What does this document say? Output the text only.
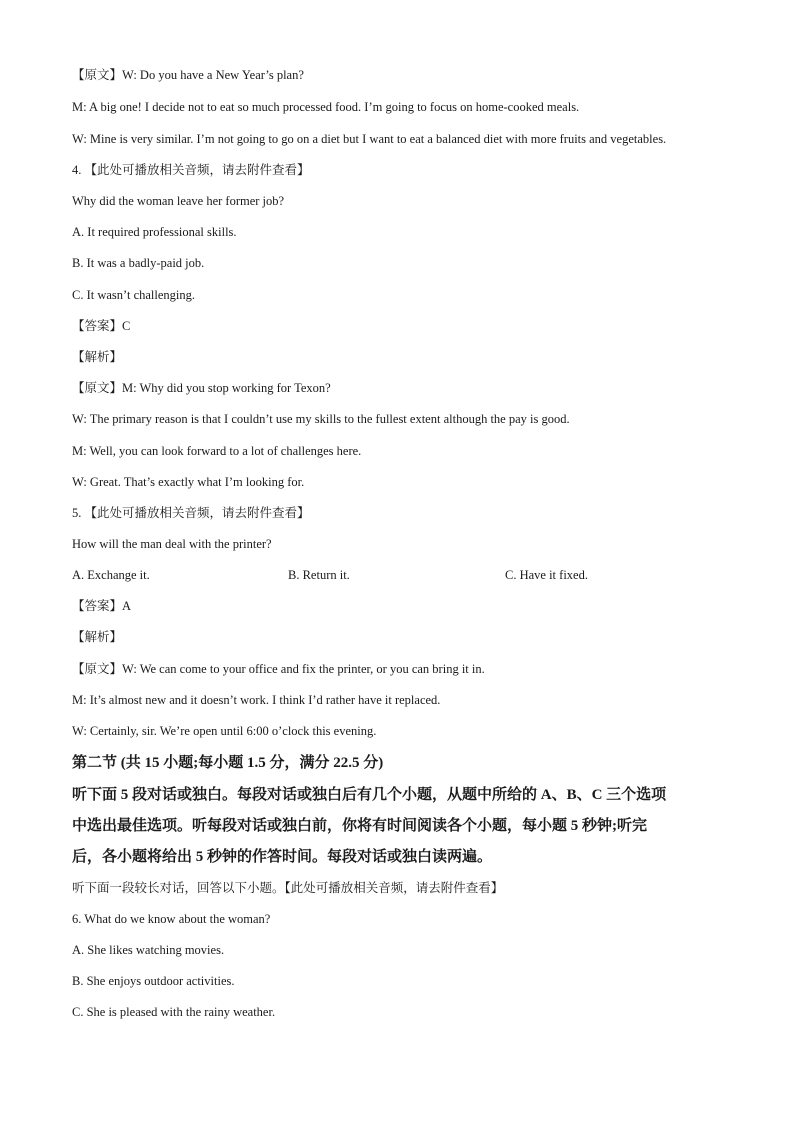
【原文】W: Do you have a New Year’s plan?
M: A big one! I decide not to eat so much processed food. I’m going to focus on home-cooked meals.
W: Mine is very similar. I’m not going to go on a diet but I want to eat a balanced diet with more fruits and vegetables.
4. 【此处可播放相关音频，请去附件查看】
Why did the woman leave her former job?
A. It required professional skills.
B. It was a badly-paid job.
C. It wasn’t challenging.
【答案】C
【解析】
【原文】M: Why did you stop working for Texon?
W: The primary reason is that I couldn’t use my skills to the fullest extent although the pay is good.
M: Well, you can look forward to a lot of challenges here.
W: Great. That’s exactly what I’m looking for.
5. 【此处可播放相关音频，请去附件查看】
How will the man deal with the printer?
A. Exchange it.	B. Return it.	C. Have it fixed.
【答案】A
【解析】
【原文】W: We can come to your office and fix the printer, or you can bring it in.
M: It’s almost new and it doesn’t work. I think I’d rather have it replaced.
W: Certainly, sir. We’re open until 6:00 o’clock this evening.
第二节 (共 15 小题;每小题 1.5 分，满分 22.5 分)
听下面 5 段对话或独白。每段对话或独白后有几个小题，从题中所给的 A、B、C 三个选项
中选出最佳选项。听每段对话或独白前，你将有时间阅读各个小题，每小题 5 秒钟;听完
后，各小题将给出 5 秒钟的作答时间。每段对话或独白读两遍。
听下面一段较长对话，回答以下小题。【此处可播放相关音频，请去附件查看】
6. What do we know about the woman?
A. She likes watching movies.
B. She enjoys outdoor activities.
C. She is pleased with the rainy weather.
